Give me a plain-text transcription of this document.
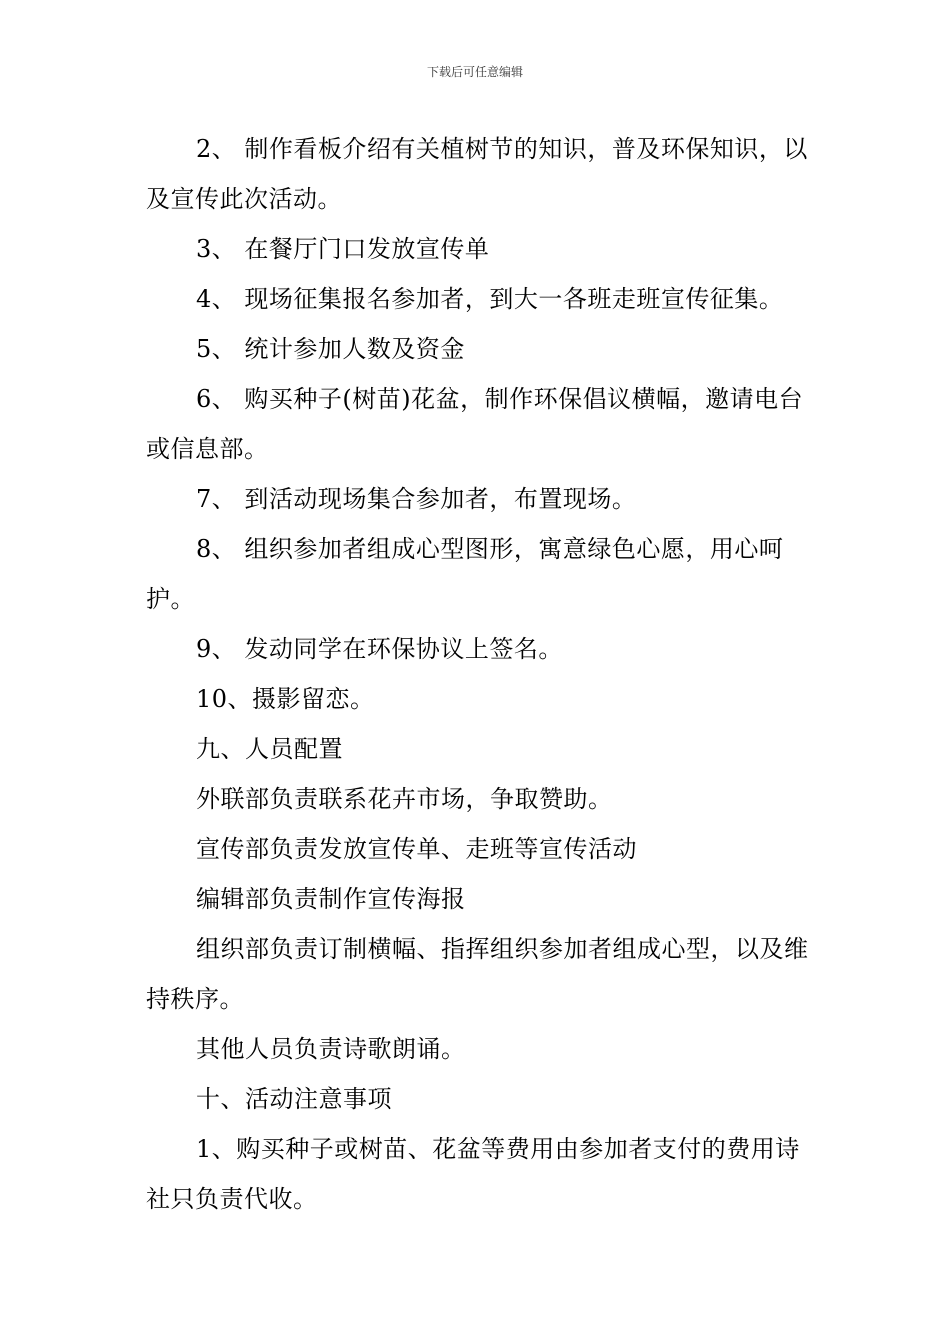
下载后可任意编辑

2、 制作看板介绍有关植树节的知识，普及环保知识，以及宣传此次活动。

3、 在餐厅门口发放宣传单

4、 现场征集报名参加者，到大一各班走班宣传征集。

5、 统计参加人数及资金

6、 购买种子(树苗)花盆，制作环保倡议横幅，邀请电台或信息部。

7、 到活动现场集合参加者，布置现场。

8、 组织参加者组成心型图形，寓意绿色心愿，用心呵护。

9、 发动同学在环保协议上签名。

10、摄影留恋。

九、人员配置

外联部负责联系花卉市场，争取赞助。

宣传部负责发放宣传单、走班等宣传活动

编辑部负责制作宣传海报

组织部负责订制横幅、指挥组织参加者组成心型，以及维持秩序。

其他人员负责诗歌朗诵。

十、活动注意事项

1、购买种子或树苗、花盆等费用由参加者支付的费用诗社只负责代收。
